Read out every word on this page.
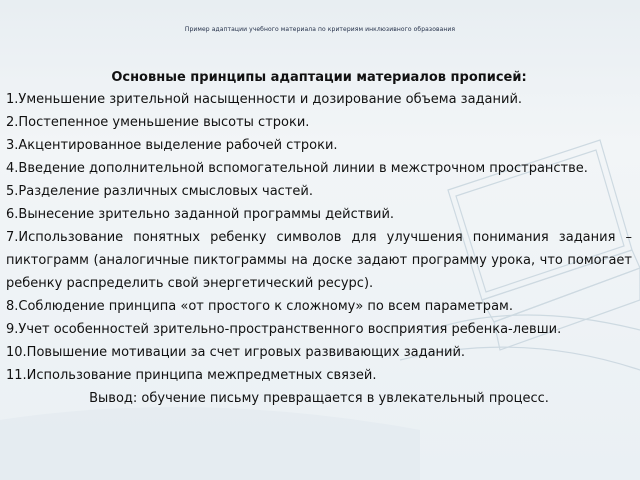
Пример адаптации учебного материала по критериям инклюзивного образования
Основные принципы адаптации материалов прописей:

1.Уменьшение зрительной насыщенности и дозирование объема заданий.

2.Постепенное уменьшение высоты строки.

3.Акцентированное выделение рабочей строки.

4.Введение дополнительной вспомогательной линии в межстрочном пространстве.

5.Разделение различных смысловых частей.

6.Вынесение зрительно заданной программы действий.

7.Использование понятных ребенку символов для улучшения понимания задания – пиктограмм (аналогичные пиктограммы на доске задают программу урока, что помогает ребенку распределить свой энергетический ресурс).

8.Соблюдение принципа «от простого к сложному» по всем параметрам.

9.Учет особенностей зрительно-пространственного восприятия ребенка-левши.

10.Повышение мотивации за счет игровых развивающих заданий.

11.Использование принципа межпредметных связей.

Вывод: обучение письму превращается в увлекательный процесс.
